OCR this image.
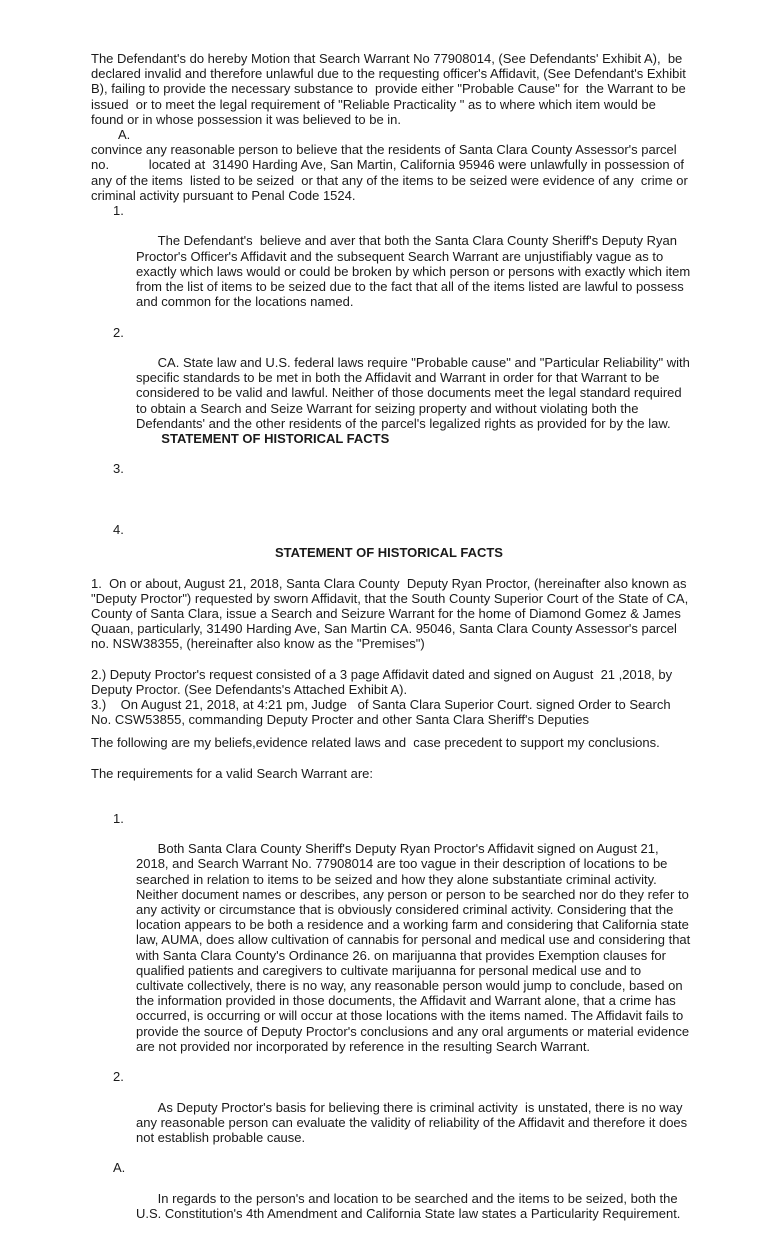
The Defendant's do hereby Motion that Search Warrant No 77908014, (See Defendants' Exhibit A),  be declared invalid and therefore unlawful due to the requesting officer's Affidavit, (See Defendant's Exhibit B), failing to provide the necessary substance to  provide either "Probable Cause" for  the Warrant to be issued  or to meet the legal requirement of "Reliable Practicality " as to where which item would be found or in whose possession it was believed to be in.

A.

convince any reasonable person to believe that the residents of Santa Clara County Assessor's parcel no.           located at  31490 Harding Ave, San Martin, California 95946 were unlawfully in possession of any of the items  listed to be seized  or that any of the items to be seized were evidence of any  crime or criminal activity pursuant to Penal Code 1524.

1.

The Defendant's  believe and aver that both the Santa Clara County Sheriff's Deputy Ryan Proctor's Officer's Affidavit and the subsequent Search Warrant are unjustifiably vague as to exactly which laws would or could be broken by which person or persons with exactly which item from the list of items to be seized due to the fact that all of the items listed are lawful to possess and common for the locations named.

2.

CA. State law and U.S. federal laws require "Probable cause" and "Particular Reliability" with specific standards to be met in both the Affidavit and Warrant in order for that Warrant to be considered to be valid and lawful. Neither of those documents meet the legal standard required to obtain a Search and Seize Warrant for seizing property and without violating both the Defendants' and the other residents of the parcel's legalized rights as provided for by the law.
STATEMENT OF HISTORICAL FACTS

3.

4.

STATEMENT OF HISTORICAL FACTS

1.  On or about, August 21, 2018, Santa Clara County  Deputy Ryan Proctor, (hereinafter also known as "Deputy Proctor") requested by sworn Affidavit, that the South County Superior Court of the State of CA, County of Santa Clara, issue a Search and Seizure Warrant for the home of Diamond Gomez & James Quaan, particularly, 31490 Harding Ave, San Martin CA. 95046, Santa Clara County Assessor's parcel no. NSW38355, (hereinafter also know as the "Premises")

2.) Deputy Proctor's request consisted of a 3 page Affidavit dated and signed on August  21 ,2018, by Deputy Proctor. (See Defendants's Attached Exhibit A).

3.)    On August 21, 2018, at 4:21 pm, Judge   of Santa Clara Superior Court. signed Order to Search No. CSW53855, commanding Deputy Procter and other Santa Clara Sheriff's Deputies

The following are my beliefs,evidence related laws and  case precedent to support my conclusions.

The requirements for a valid Search Warrant are:

1.

Both Santa Clara County Sheriff's Deputy Ryan Proctor's Affidavit signed on August 21, 2018, and Search Warrant No. 77908014 are too vague in their description of locations to be searched in relation to items to be seized and how they alone substantiate criminal activity. Neither document names or describes, any person or person to be searched nor do they refer to any activity or circumstance that is obviously considered criminal activity. Considering that the location appears to be both a residence and a working farm and considering that California state law, AUMA, does allow cultivation of cannabis for personal and medical use and considering that with Santa Clara County's Ordinance 26. on marijuanna that provides Exemption clauses for qualified patients and caregivers to cultivate marijuanna for personal medical use and to cultivate collectively, there is no way, any reasonable person would jump to conclude, based on the information provided in those documents, the Affidavit and Warrant alone, that a crime has occurred, is occurring or will occur at those locations with the items named. The Affidavit fails to provide the source of Deputy Proctor's conclusions and any oral arguments or material evidence are not provided nor incorporated by reference in the resulting Search Warrant.

2.

As Deputy Proctor's basis for believing there is criminal activity  is unstated, there is no way any reasonable person can evaluate the validity of reliability of the Affidavit and therefore it does not establish probable cause.

A.

In regards to the person's and location to be searched and the items to be seized, both the U.S. Constitution's 4th Amendment and California State law states a Particularity Requirement.
